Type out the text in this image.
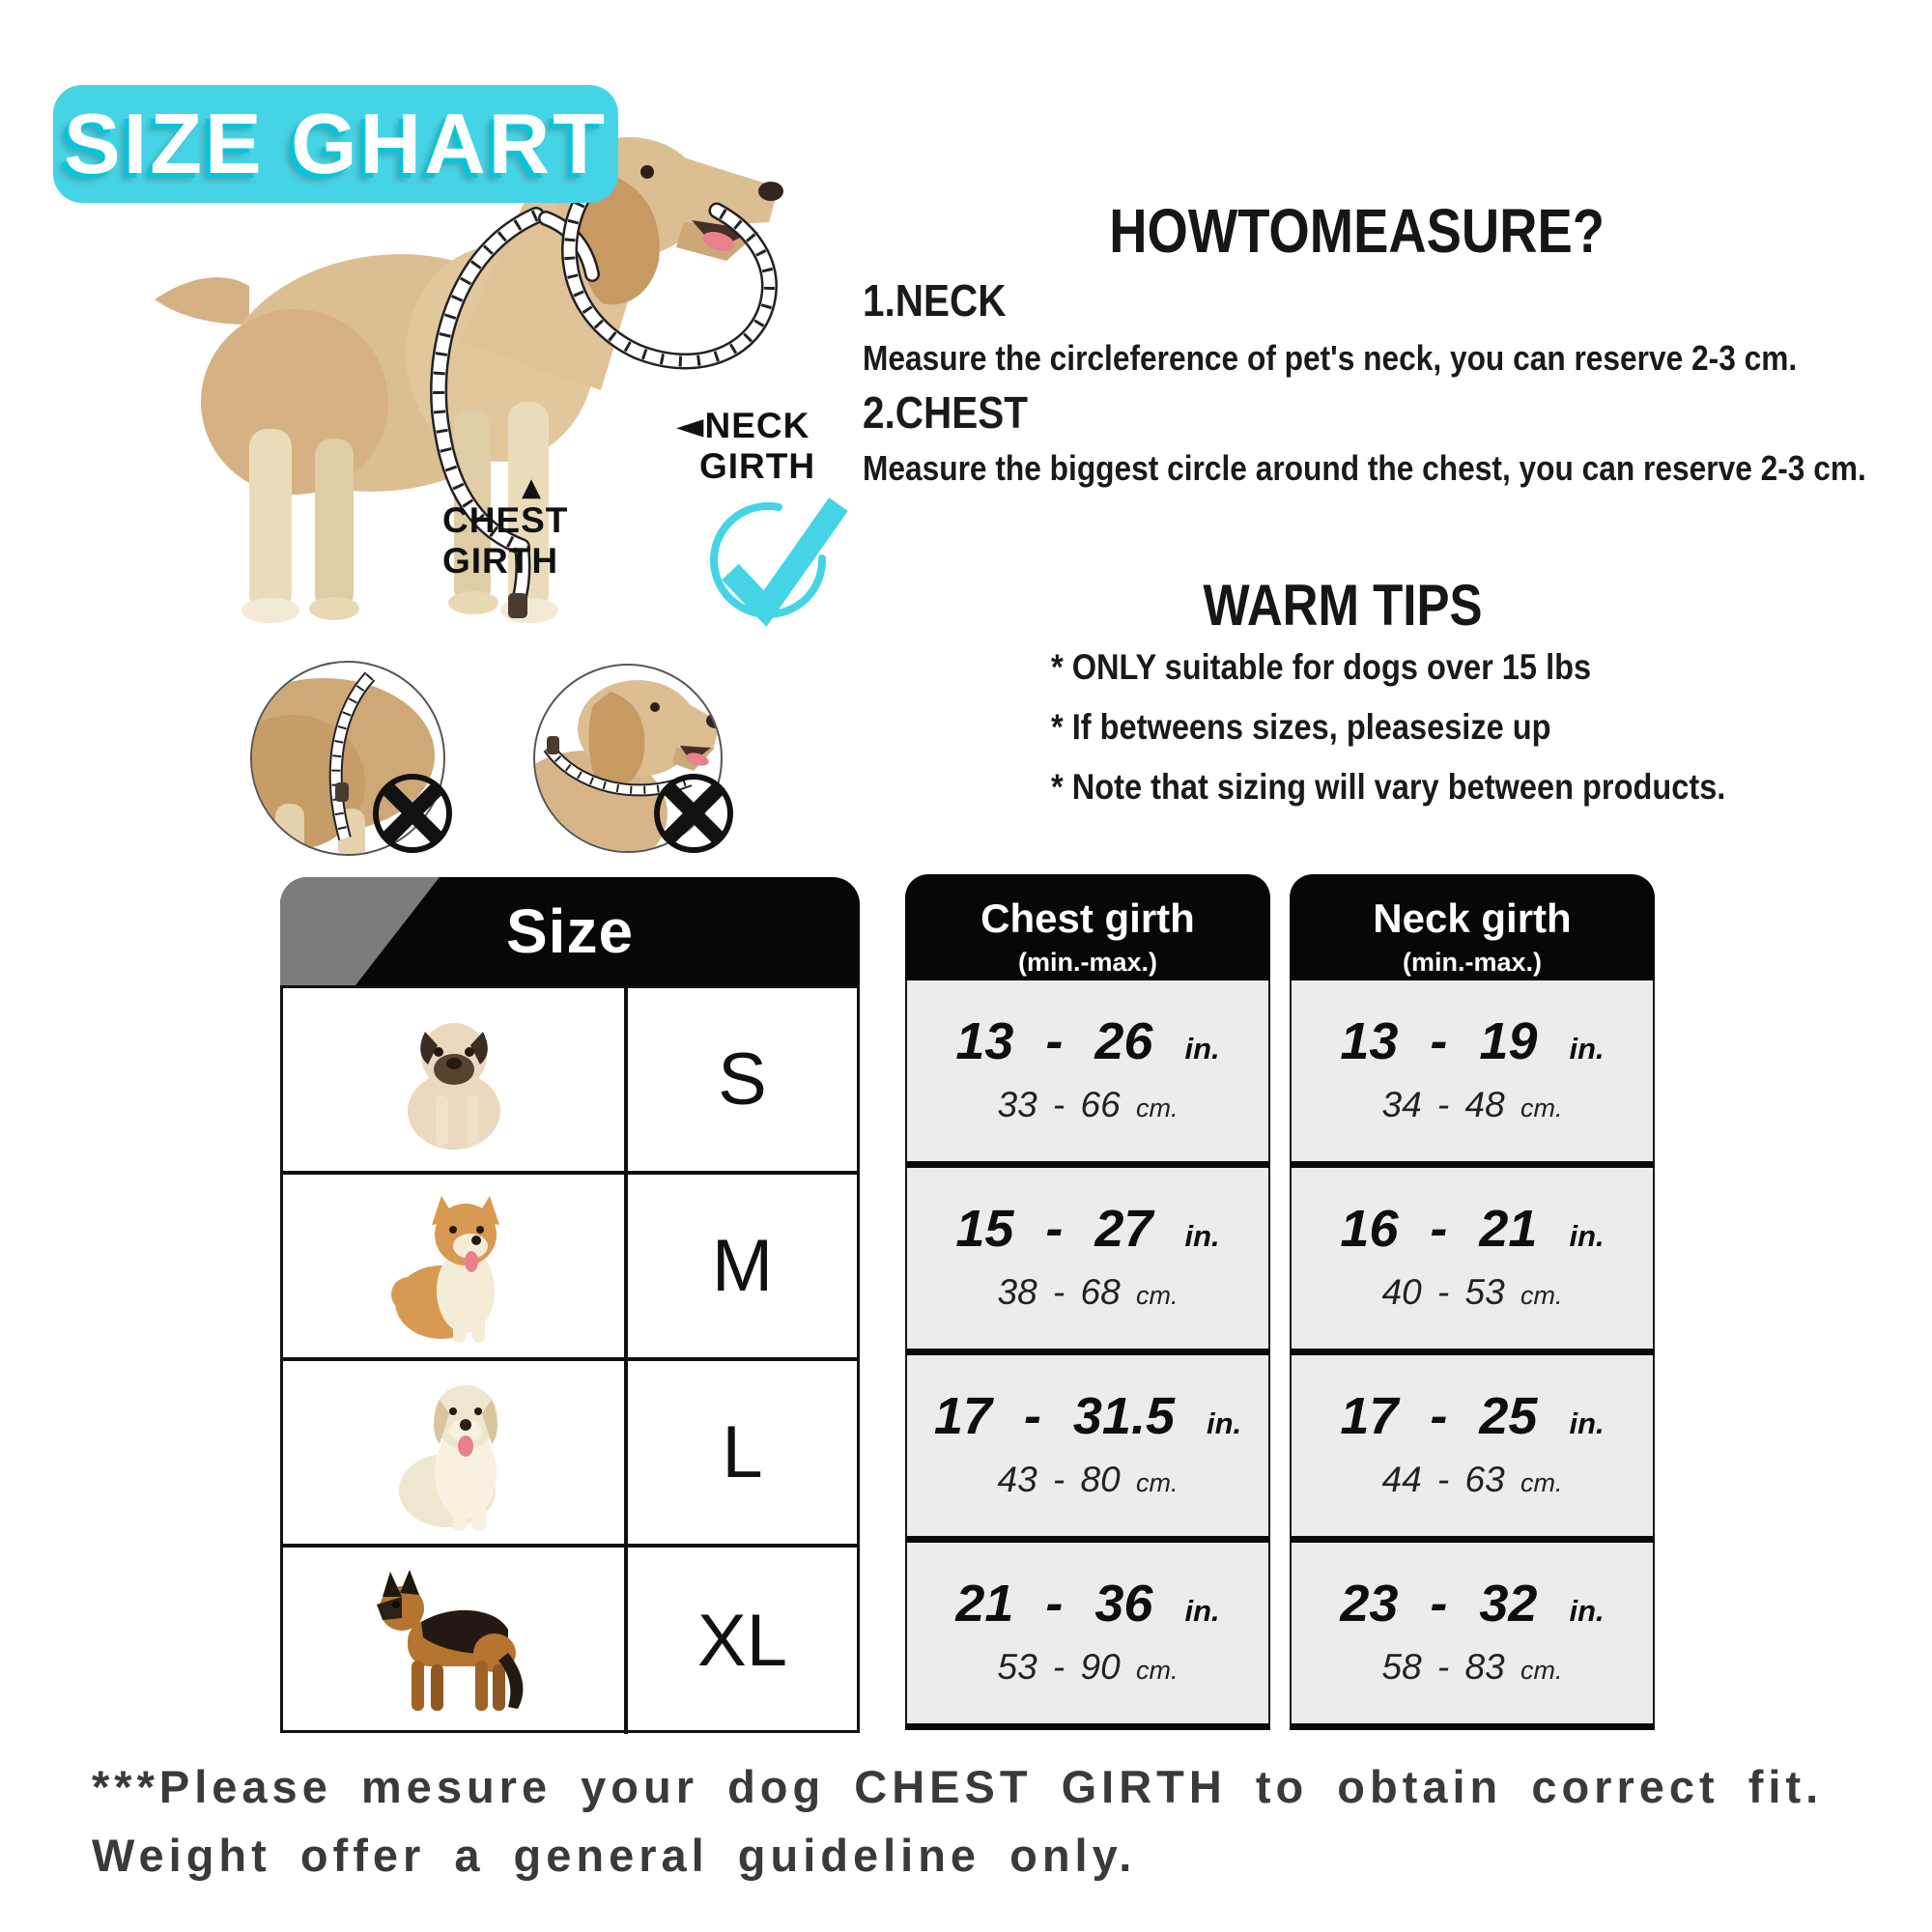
◄NECK
GIRTH
▲
CHEST
GIRTH
SIZE GHART
HOWTOMEASURE?
1.NECK
Measure the circleference of pet's neck, you can reserve 2-3 cm.
2.CHEST
Measure the biggest circle around the chest, you can reserve 2-3 cm.
WARM TIPS
* ONLY suitable for dogs over 15 lbs
* If betweens sizes, pleasesize up
* Note that sizing will vary between products.
Size
S
M
L
XL
Chest girth
(min.-max.)
13 - 26 in.
33 - 66 cm.
15 - 27 in.
38 - 68 cm.
17 - 31.5 in.
43 - 80 cm.
21 - 36 in.
53 - 90 cm.
Neck girth
(min.-max.)
13 - 19 in.
34 - 48 cm.
16 - 21 in.
40 - 53 cm.
17 - 25 in.
44 - 63 cm.
23 - 32 in.
58 - 83 cm.
***Please mesure your dog CHEST GIRTH to obtain correct fit.
Weight offer a general guideline only.
